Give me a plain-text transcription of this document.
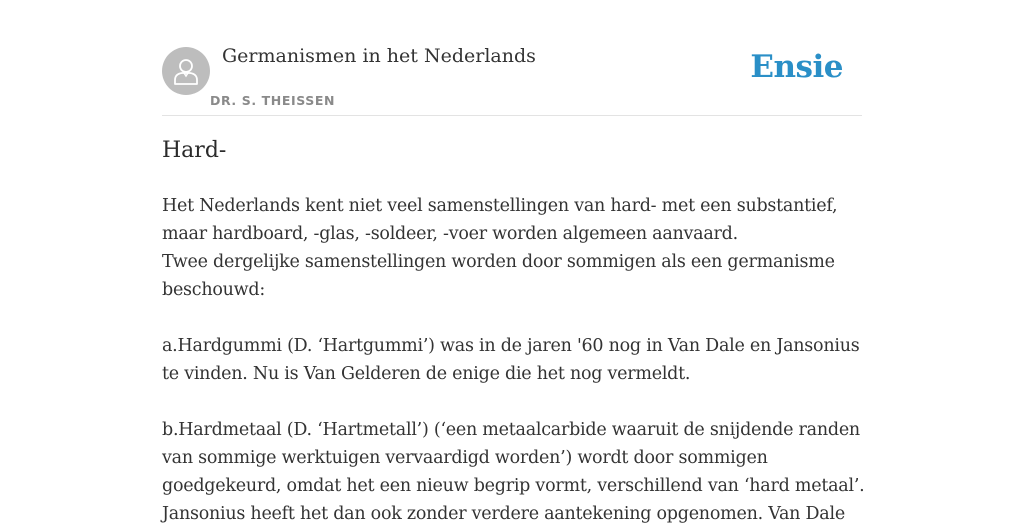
Germanismen in het Nederlands
DR. S. THEISSEN
Ensie
Hard-
Het Nederlands kent niet veel samenstellingen van hard- met een substantief,
maar hardboard, -glas, -soldeer, -voer worden algemeen aanvaard.
Twee dergelijke samenstellingen worden door sommigen als een germanisme
beschouwd:
a.Hardgummi (D. ‘Hartgummi’) was in de jaren '60 nog in Van Dale en Jansonius
te vinden. Nu is Van Gelderen de enige die het nog vermeldt.
b.Hardmetaal (D. ‘Hartmetall’) (‘een metaalcarbide waaruit de snijdende randen
van sommige werktuigen vervaardigd worden’) wordt door sommigen
goedgekeurd, omdat het een nieuw begrip vormt, verschillend van ‘hard metaal’.
Jansonius heeft het dan ook zonder verdere aantekening opgenomen. Van Dale
